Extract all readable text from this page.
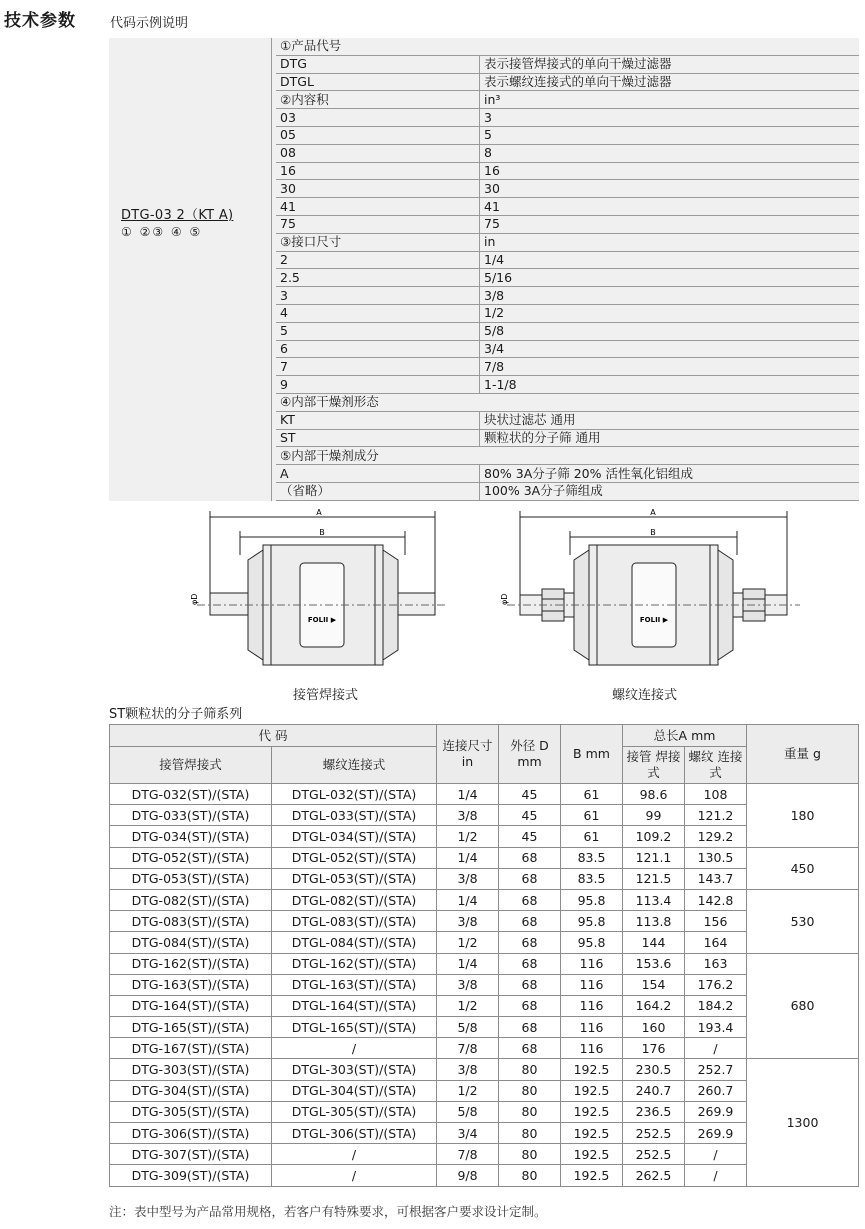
技术参数	代码示例说明
DTG-03 2（KT A)
① ②③ ④ ⑤
①产品代号	
DTG	表示接管焊接式的单向干燥过滤器
DTGL	表示螺纹连接式的单向干燥过滤器
②内容积	in³
03	3
05	5
08	8
16	16
30	30
41	41
75	75
③接口尺寸	in
2	1/4
2.5	5/16
3	3/8
4	1/2
5	5/8
6	3/4
7	7/8
9	1-1/8
④内部干燥剂形态	
KT	块状过滤芯 通用
ST	颗粒状的分子筛 通用
⑤内部干燥剂成分	
A	80% 3A分子筛 20% 活性氧化铝组成
（省略）	100% 3A分子筛组成
A
B
φD
FOLII ▶
接管焊接式
A
B
φD
FOLII ▶
螺纹连接式
ST颗粒状的分子筛系列
代 码		连接尺寸 in	外径 D mm	B mm	总长A mm		重量 g
接管焊接式	螺纹连接式				接管 焊接式	螺纹 连接式	
DTG-032(ST)/(STA)	DTGL-032(ST)/(STA)	1/4	45	61	98.6	108	180
DTG-033(ST)/(STA)	DTGL-033(ST)/(STA)	3/8	45	61	99	121.2	
DTG-034(ST)/(STA)	DTGL-034(ST)/(STA)	1/2	45	61	109.2	129.2	
DTG-052(ST)/(STA)	DTGL-052(ST)/(STA)	1/4	68	83.5	121.1	130.5	450
DTG-053(ST)/(STA)	DTGL-053(ST)/(STA)	3/8	68	83.5	121.5	143.7	
DTG-082(ST)/(STA)	DTGL-082(ST)/(STA)	1/4	68	95.8	113.4	142.8	530
DTG-083(ST)/(STA)	DTGL-083(ST)/(STA)	3/8	68	95.8	113.8	156	
DTG-084(ST)/(STA)	DTGL-084(ST)/(STA)	1/2	68	95.8	144	164	
DTG-162(ST)/(STA)	DTGL-162(ST)/(STA)	1/4	68	116	153.6	163	680
DTG-163(ST)/(STA)	DTGL-163(ST)/(STA)	3/8	68	116	154	176.2	
DTG-164(ST)/(STA)	DTGL-164(ST)/(STA)	1/2	68	116	164.2	184.2	
DTG-165(ST)/(STA)	DTGL-165(ST)/(STA)	5/8	68	116	160	193.4	
DTG-167(ST)/(STA)	/	7/8	68	116	176	/	
DTG-303(ST)/(STA)	DTGL-303(ST)/(STA)	3/8	80	192.5	230.5	252.7	1300
DTG-304(ST)/(STA)	DTGL-304(ST)/(STA)	1/2	80	192.5	240.7	260.7	
DTG-305(ST)/(STA)	DTGL-305(ST)/(STA)	5/8	80	192.5	236.5	269.9	
DTG-306(ST)/(STA)	DTGL-306(ST)/(STA)	3/4	80	192.5	252.5	269.9	
DTG-307(ST)/(STA)	/	7/8	80	192.5	252.5	/	
DTG-309(ST)/(STA)	/	9/8	80	192.5	262.5	/	
注：表中型号为产品常用规格，若客户有特殊要求，可根据客户要求设计定制。
